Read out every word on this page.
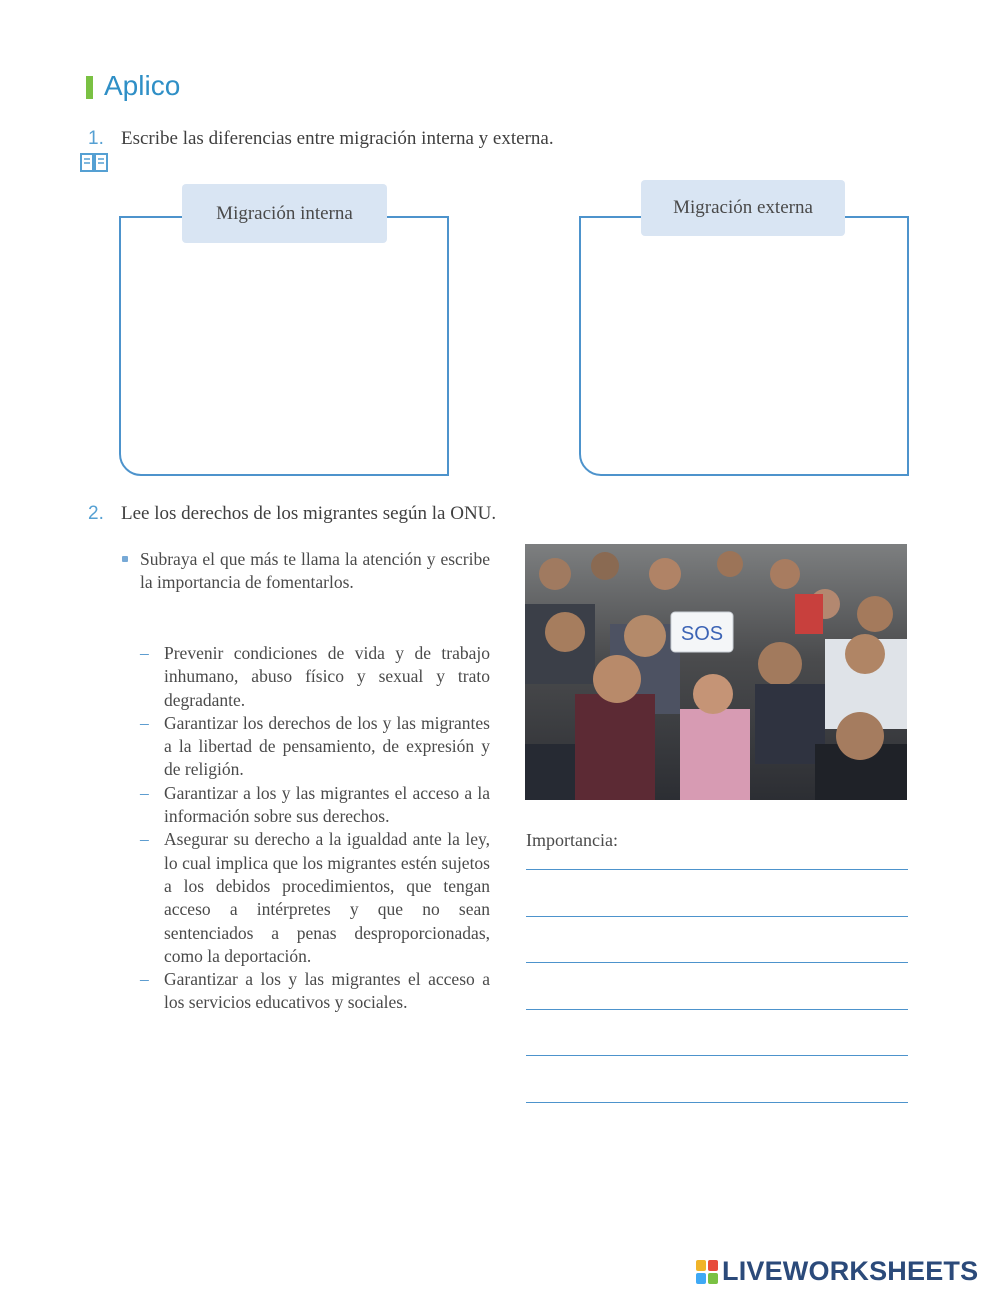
Aplico
1. Escribe las diferencias entre migración interna y externa.
Migración interna	Migración externa
2. Lee los derechos de los migrantes según la ONU.
Subraya el que más te llama la atención y escribe la importancia de fomentarlos.
– Prevenir condiciones de vida y de trabajo inhumano, abuso físico y sexual y trato degradante.
– Garantizar los derechos de los y las migrantes a la libertad de pensamiento, de expresión y de religión.
– Garantizar a los y las migrantes el acceso a la información sobre sus derechos.
– Asegurar su derecho a la igualdad ante la ley, lo cual implica que los migrantes estén sujetos a los debidos procedimientos, que tengan acceso a intérpretes y que no sean sentenciados a penas desproporcionadas, como la deportación.
– Garantizar a los y las migrantes el acceso a los servicios educativos y sociales.
SOS
Importancia:
LIVEWORKSHEETS
